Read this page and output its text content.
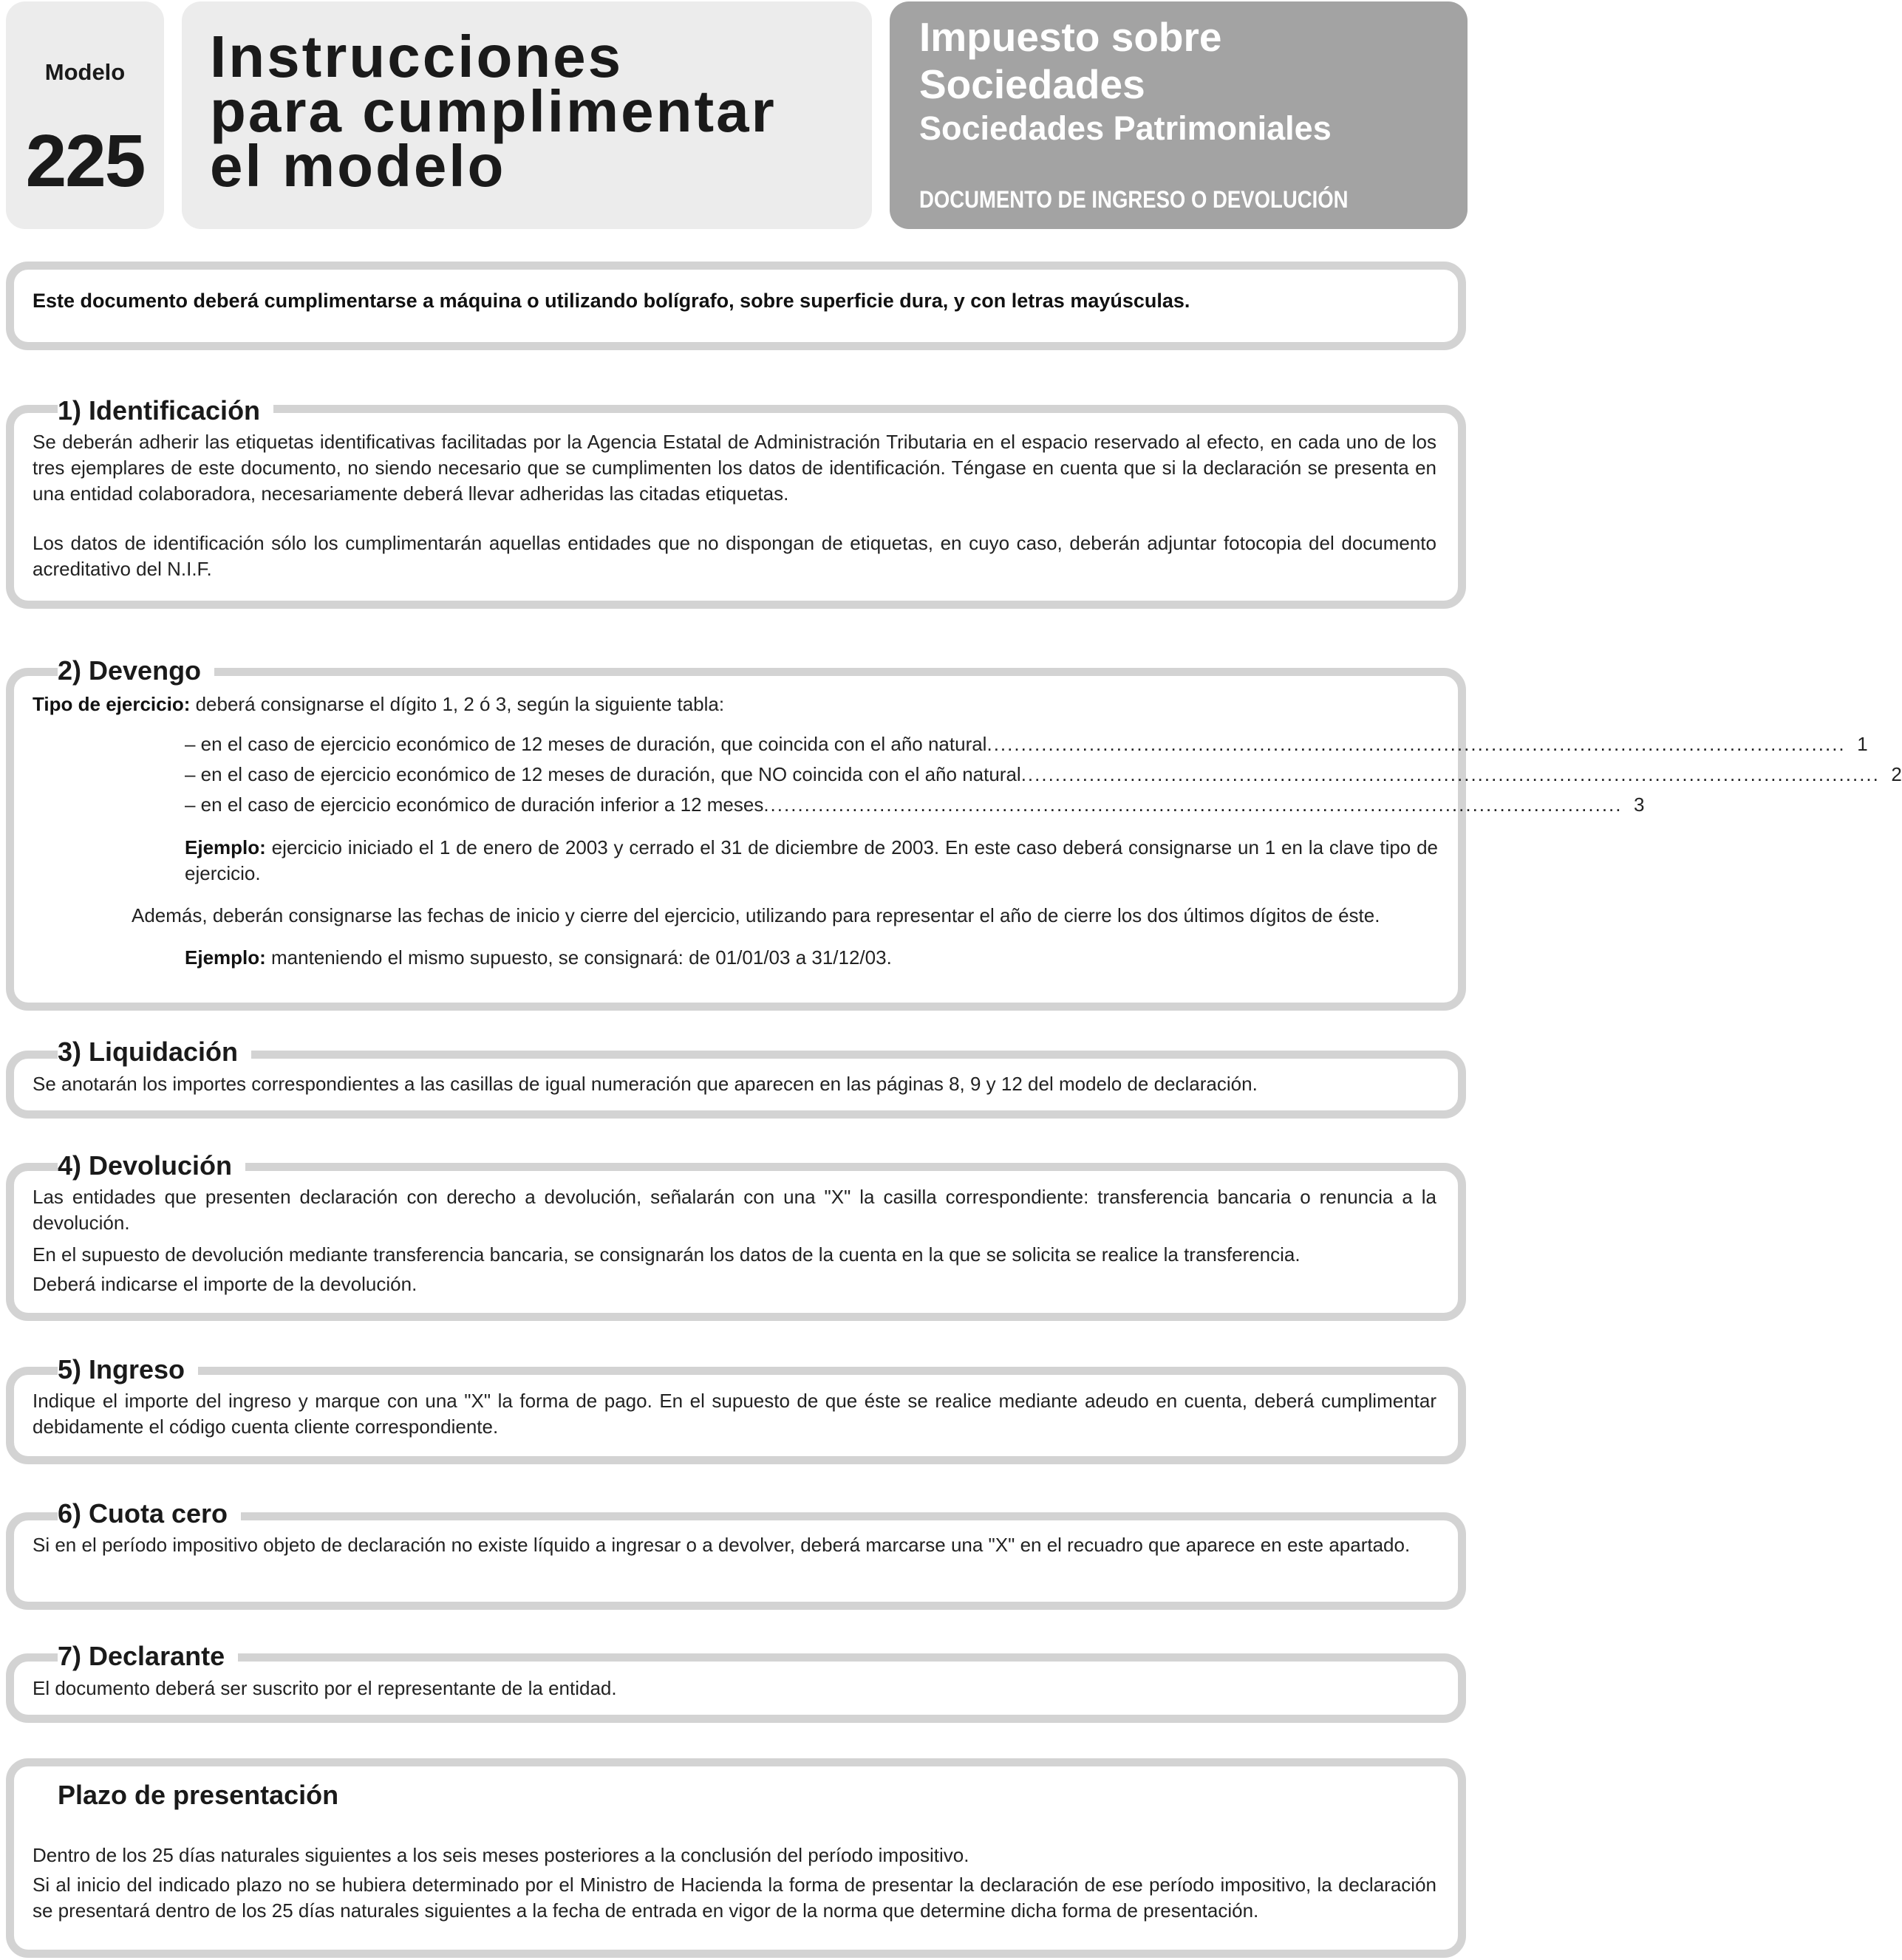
Modelo
225
Instrucciones
para cumplimentar
el modelo
Impuesto sobre
Sociedades
Sociedades Patrimoniales
DOCUMENTO DE INGRESO O DEVOLUCIÓN
Este documento deberá cumplimentarse a máquina o utilizando bolígrafo, sobre superficie dura, y con letras mayúsculas.
1) Identificación
Se deberán adherir las etiquetas identificativas facilitadas por la Agencia Estatal de Administración Tributaria en el espacio reservado al efecto, en cada uno de los tres ejemplares de este documento, no siendo necesario que se cumplimenten los datos de identificación. Téngase en cuenta que si la declaración se presenta en una entidad colaboradora, necesariamente deberá llevar adheridas las citadas etiquetas.
Los datos de identificación sólo los cumplimentarán aquellas entidades que no dispongan de etiquetas, en cuyo caso, deberán adjuntar fotocopia del documento acreditativo del N.I.F.
2) Devengo
Tipo de ejercicio: deberá consignarse el dígito 1, 2 ó 3, según la siguiente tabla:
– en el caso de ejercicio económico de 12 meses de duración, que coincida con el año natural .............................................................................................................................. 1
– en el caso de ejercicio económico de 12 meses de duración, que NO coincida con el año natural .............................................................................................................................. 2
– en el caso de ejercicio económico de duración inferior a 12 meses .............................................................................................................................. 3
Ejemplo: ejercicio iniciado el 1 de enero de 2003 y cerrado el 31 de diciembre de 2003. En este caso deberá consignarse un 1 en la clave tipo de ejercicio.
Además, deberán consignarse las fechas de inicio y cierre del ejercicio, utilizando para representar el año de cierre los dos últimos dígitos de éste.
Ejemplo: manteniendo el mismo supuesto, se consignará: de 01/01/03 a 31/12/03.
3) Liquidación
Se anotarán los importes correspondientes a las casillas de igual numeración que aparecen en las páginas 8, 9 y 12 del modelo de declaración.
4) Devolución
Las entidades que presenten declaración con derecho a devolución, señalarán con una "X" la casilla correspondiente: transferencia bancaria o renuncia a la devolución.
En el supuesto de devolución mediante transferencia bancaria, se consignarán los datos de la cuenta en la que se solicita se realice la transferencia.
Deberá indicarse el importe de la devolución.
5) Ingreso
Indique el importe del ingreso y marque con una "X" la forma de pago. En el supuesto de que éste se realice mediante adeudo en cuenta, deberá cumplimentar debidamente el código cuenta cliente correspondiente.
6) Cuota cero
Si en el período impositivo objeto de declaración no existe líquido a ingresar o a devolver, deberá marcarse una "X" en el recuadro que aparece en este apartado.
7) Declarante
El documento deberá ser suscrito por el representante de la entidad.
Plazo de presentación
Dentro de los 25 días naturales siguientes a los seis meses posteriores a la conclusión del período impositivo.
Si al inicio del indicado plazo no se hubiera determinado por el Ministro de Hacienda la forma de presentar la declaración de ese período impositivo, la declaración se presentará dentro de los 25 días naturales siguientes a la fecha de entrada en vigor de la norma que determine dicha forma de presentación.
